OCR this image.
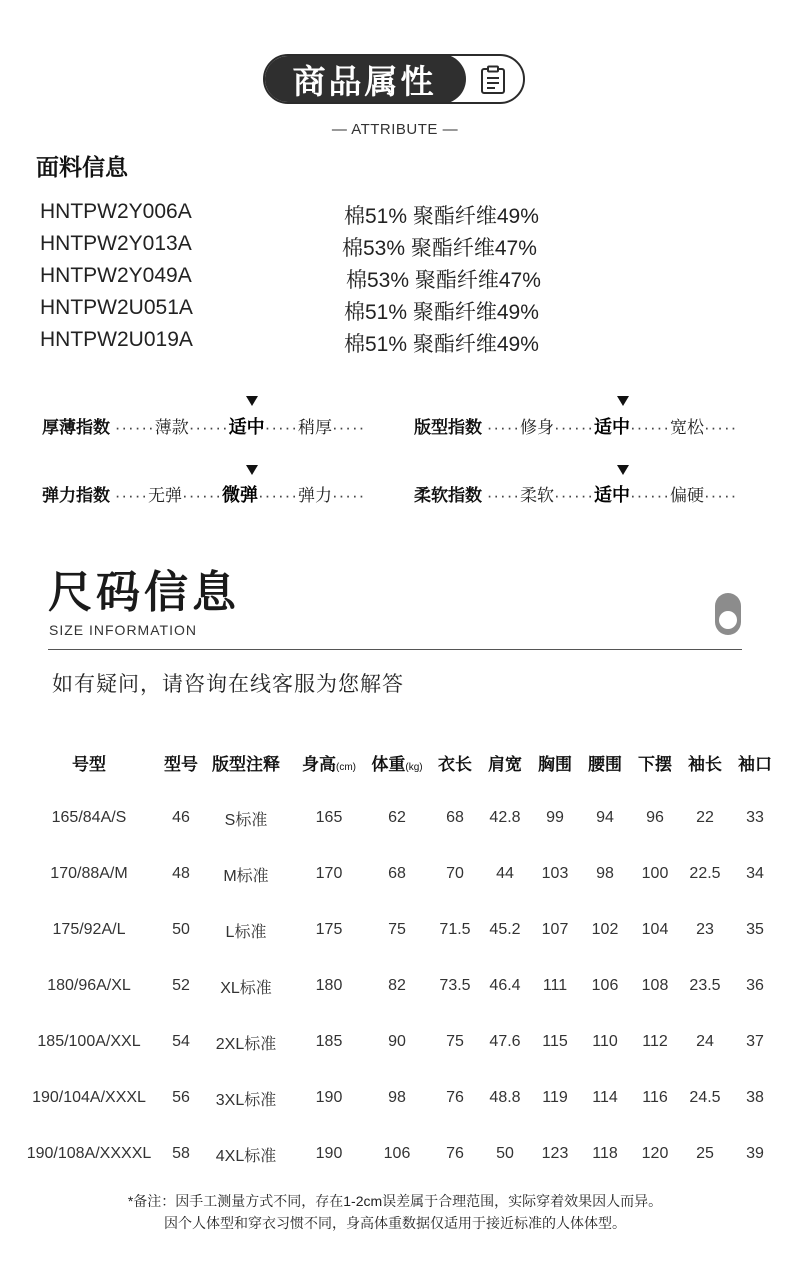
商品属性
— ATTRIBUTE —
面料信息
HNTPW2Y006A	棉51% 聚酯纤维49%
HNTPW2Y013A	棉53% 聚酯纤维47%
HNTPW2Y049A	棉53% 聚酯纤维47%
HNTPW2U051A	棉51% 聚酯纤维49%
HNTPW2U019A	棉51% 聚酯纤维49%
厚薄指数 ······薄款······适中·····稍厚·····	版型指数 ·····修身······适中······宽松·····
弹力指数 ·····无弹······微弹······弹力·····	柔软指数 ·····柔软······适中······偏硬·····
尺码信息
SIZE INFORMATION
如有疑问，请咨询在线客服为您解答
号型	型号	版型注释	身高(cm)	体重(kg)	衣长	肩宽	胸围	腰围	下摆	袖长	袖口
165/84A/S	46	S标准	165	62	68	42.8	99	94	96	22	33
170/88A/M	48	M标准	170	68	70	44	103	98	100	22.5	34
175/92A/L	50	L标准	175	75	71.5	45.2	107	102	104	23	35
180/96A/XL	52	XL标准	180	82	73.5	46.4	111	106	108	23.5	36
185/100A/XXL	54	2XL标准	185	90	75	47.6	115	110	112	24	37
190/104A/XXXL	56	3XL标准	190	98	76	48.8	119	114	116	24.5	38
190/108A/XXXXL	58	4XL标准	190	106	76	50	123	118	120	25	39
*备注：因手工测量方式不同，存在1-2cm误差属于合理范围，实际穿着效果因人而异。
因个人体型和穿衣习惯不同，身高体重数据仅适用于接近标准的人体体型。
